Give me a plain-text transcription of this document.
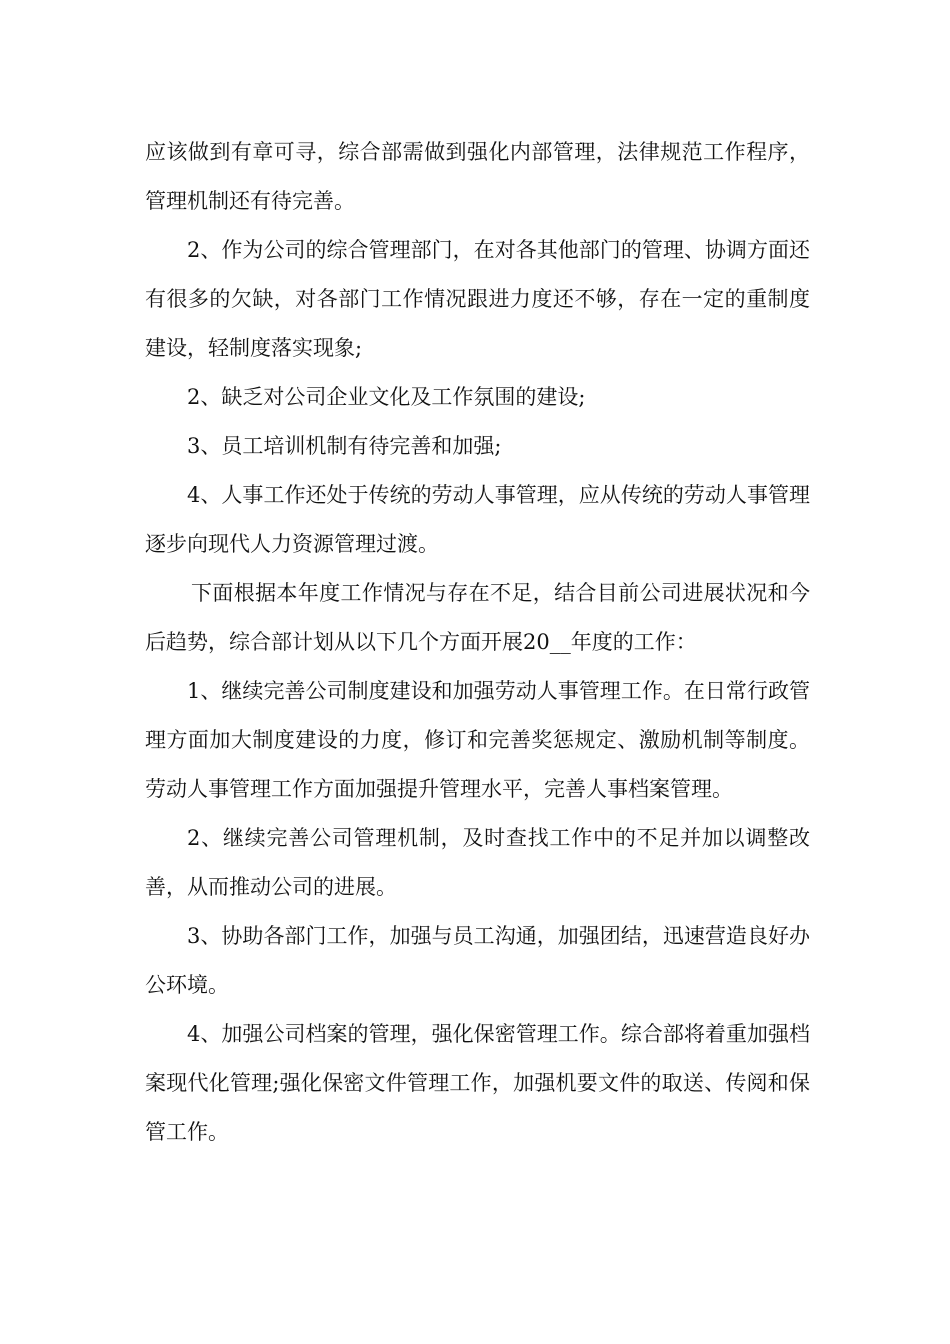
应该做到有章可寻，综合部需做到强化内部管理，法律规范工作程序，管理机制还有待完善。

2、作为公司的综合管理部门，在对各其他部门的管理、协调方面还有很多的欠缺，对各部门工作情况跟进力度还不够，存在一定的重制度建设，轻制度落实现象;

2、缺乏对公司企业文化及工作氛围的建设;

3、员工培训机制有待完善和加强;

4、人事工作还处于传统的劳动人事管理，应从传统的劳动人事管理逐步向现代人力资源管理过渡。

下面根据本年度工作情况与存在不足，结合目前公司进展状况和今后趋势，综合部计划从以下几个方面开展20__年度的工作：

1、继续完善公司制度建设和加强劳动人事管理工作。在日常行政管理方面加大制度建设的力度，修订和完善奖惩规定、激励机制等制度。劳动人事管理工作方面加强提升管理水平，完善人事档案管理。

2、继续完善公司管理机制，及时查找工作中的不足并加以调整改善，从而推动公司的进展。

3、协助各部门工作，加强与员工沟通，加强团结，迅速营造良好办公环境。

4、加强公司档案的管理，强化保密管理工作。综合部将着重加强档案现代化管理;强化保密文件管理工作，加强机要文件的取送、传阅和保管工作。
